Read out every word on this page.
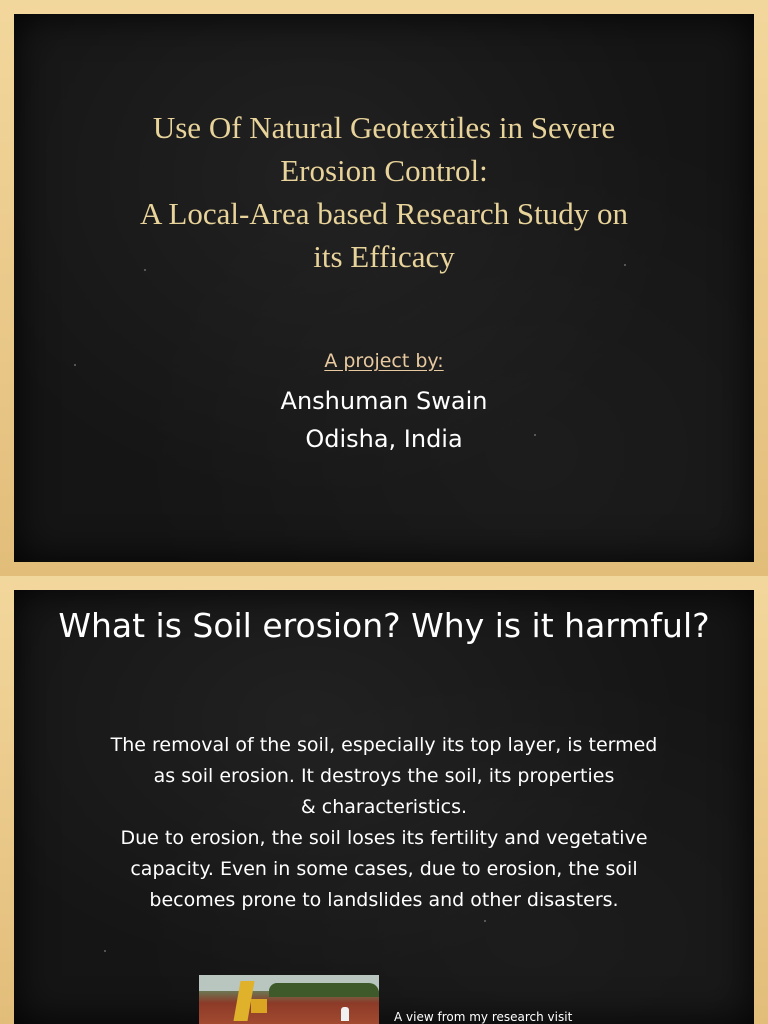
Use Of Natural Geotextiles in Severe
Erosion Control:
A Local-Area based Research Study on
its Efficacy
A project by:
Anshuman Swain
Odisha, India
What is Soil erosion? Why is it harmful?

The removal of the soil, especially its top layer, is termed
as soil erosion. It destroys the soil, its properties
& characteristics.
Due to erosion, the soil loses its fertility and vegetative
capacity. Even in some cases, due to erosion, the soil
becomes prone to landslides and other disasters.

A view from my research visit
